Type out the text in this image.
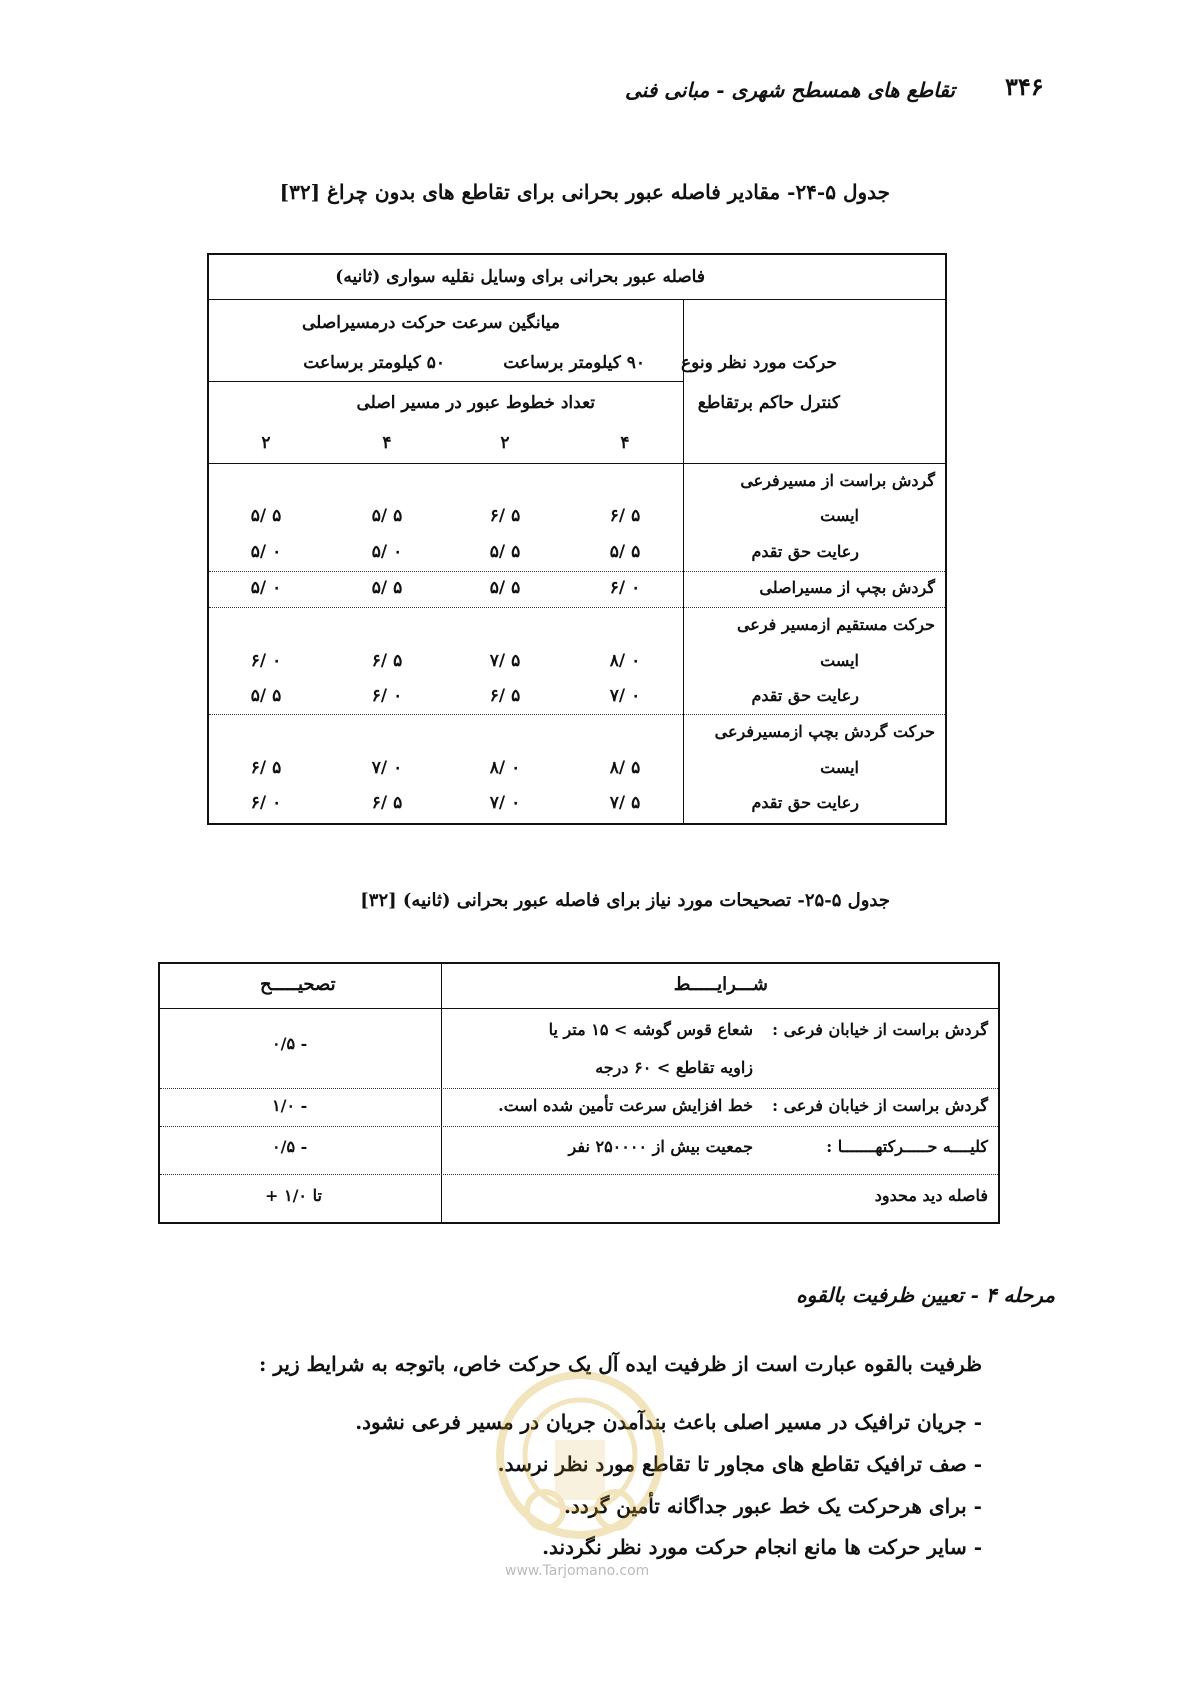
۳۴۶
تقاطع های همسطح شهری - مبانی فنی
جدول ۵-۲۴- مقادیر فاصله عبور بحرانی برای تقاطع های بدون چراغ [۳۲]
فاصله عبور بحرانی برای وسایل نقلیه سواری (ثانیه)
میانگین سرعت حرکت درمسیراصلی
۹۰ کیلومتر برساعت
۵۰ کیلومتر برساعت
تعداد خطوط عبور در مسیر اصلی
حرکت مورد نظر ونوع
کنترل حاکم برتقاطع
۴
۲
۴
۲
گردش براست از مسیرفرعی
ایست
۶/ ۵
۶/ ۵
۵/ ۵
۵/ ۵
رعایت حق تقدم
۵/ ۵
۵/ ۵
۵/ ۰
۵/ ۰
گردش بچپ از مسیراصلی
۶/ ۰
۵/ ۵
۵/ ۵
۵/ ۰
حرکت مستقیم ازمسیر فرعی
ایست
۸/ ۰
۷/ ۵
۶/ ۵
۶/ ۰
رعایت حق تقدم
۷/ ۰
۶/ ۵
۶/ ۰
۵/ ۵
حرکت گردش بچپ ازمسیرفرعی
ایست
۸/ ۵
۸/ ۰
۷/ ۰
۶/ ۵
رعایت حق تقدم
۷/ ۵
۷/ ۰
۶/ ۵
۶/ ۰
جدول ۵-۲۵- تصحیحات مورد نیاز برای فاصله عبور بحرانی (ثانیه) [۳۲]
شـــرایـــــط
تصحیـــــح
گردش براست از خیابان فرعی :
شعاع قوس گوشه > ۱۵ متر یا
زاویه تقاطع > ۶۰ درجه
- ۰/۵
گردش براست از خیابان فرعی :
خط افزایش سرعت تأمین شده است.
- ۱/۰
کلیــــه حـــــرکتهـــــــا :
جمعیت بیش از ۲۵۰۰۰۰ نفر
- ۰/۵
فاصله دید محدود
تا ۱/۰ +
مرحله ۴ - تعیین ظرفیت بالقوه
ظرفیت بالقوه عبارت است از ظرفیت ایده آل یک حرکت خاص، باتوجه به شرایط زیر :
- جریان ترافیک در مسیر اصلی باعث بندآمدن جریان در مسیر فرعی نشود.
- صف ترافیک تقاطع های مجاور تا تقاطع مورد نظر نرسد.
- برای هرحرکت یک خط عبور جداگانه تأمین گردد.
- سایر حرکت ها مانع انجام حرکت مورد نظر نگردند.
www.Tarjomano.com
